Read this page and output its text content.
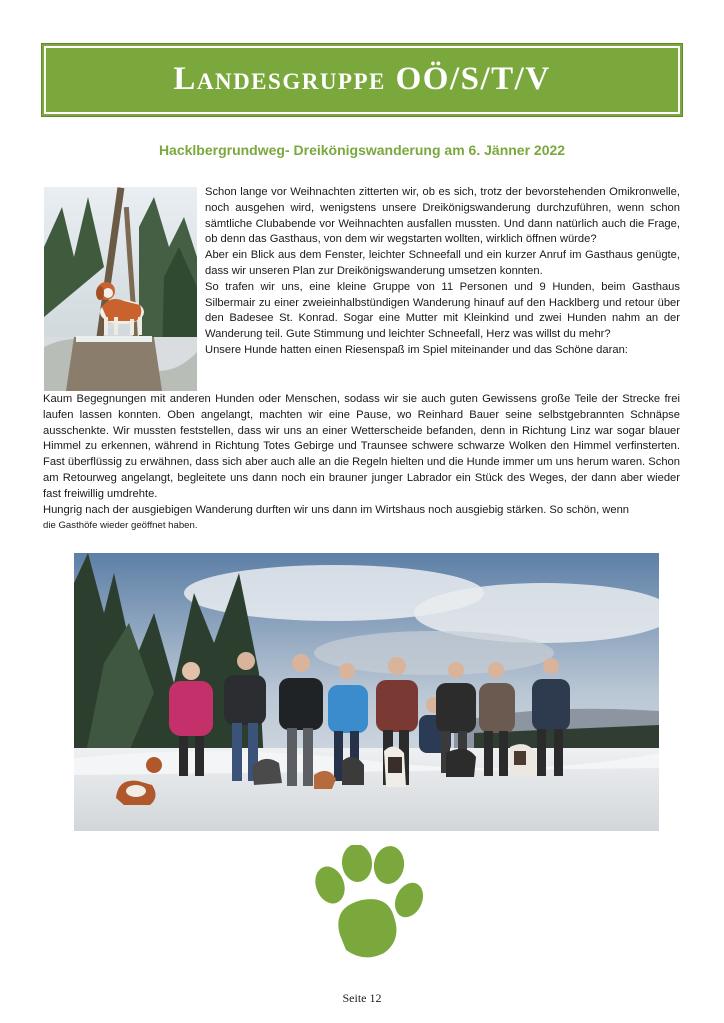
Landesgruppe OÖ/S/T/V
Hacklbergrundweg- Dreikönigswanderung am 6. Jänner 2022

Schon lange vor Weihnachten zitterten wir, ob es sich, trotz der bevorstehenden Omikronwelle, noch ausgehen wird, wenigstens unsere Dreikönigswanderung durchzuführen, wenn schon sämtliche Clubabende vor Weihnachten ausfallen mussten. Und dann natürlich auch die Frage, ob denn das Gasthaus, von dem wir wegstarten wollten, wirklich öffnen würde?

Aber ein Blick aus dem Fenster, leichter Schneefall und ein kurzer Anruf im Gasthaus genügte, dass wir unseren Plan zur Dreikönigswanderung umsetzen konnten.

So trafen wir uns, eine kleine Gruppe von 11 Personen und 9 Hunden, beim Gasthaus Silbermair zu einer zweieinhalbstündigen Wanderung hinauf auf den Hacklberg und retour über den Badesee St. Konrad. Sogar eine Mutter mit Kleinkind und zwei Hunden nahm an der Wanderung teil. Gute Stimmung und leichter Schneefall, Herz was willst du mehr?

Unsere Hunde hatten einen Riesenspaß im Spiel miteinander und das Schöne daran:

Kaum Begegnungen mit anderen Hunden oder Menschen, sodass wir sie auch guten Gewissens große Teile der Strecke frei laufen lassen konnten. Oben angelangt, machten wir eine Pause, wo Reinhard Bauer seine selbstgebrannten Schnäpse ausschenkte. Wir mussten feststellen, dass wir uns an einer Wetterscheide befanden, denn in Richtung Linz war sogar blauer Himmel zu erkennen, während in Richtung Totes Gebirge und Traunsee schwere schwarze Wolken den Himmel verfinsterten. Fast überflüssig zu erwähnen, dass sich aber auch alle an die Regeln hielten und die Hunde immer um uns herum waren. Schon am Retourweg angelangt, begleitete uns dann noch ein brauner junger Labrador ein Stück des Weges, der dann aber wieder fast freiwillig umdrehte.

Hungrig nach der ausgiebigen Wanderung durften wir uns dann im Wirtshaus noch ausgiebig stärken. So schön, wenn

die Gasthöfe wieder geöffnet haben.

Seite 12
